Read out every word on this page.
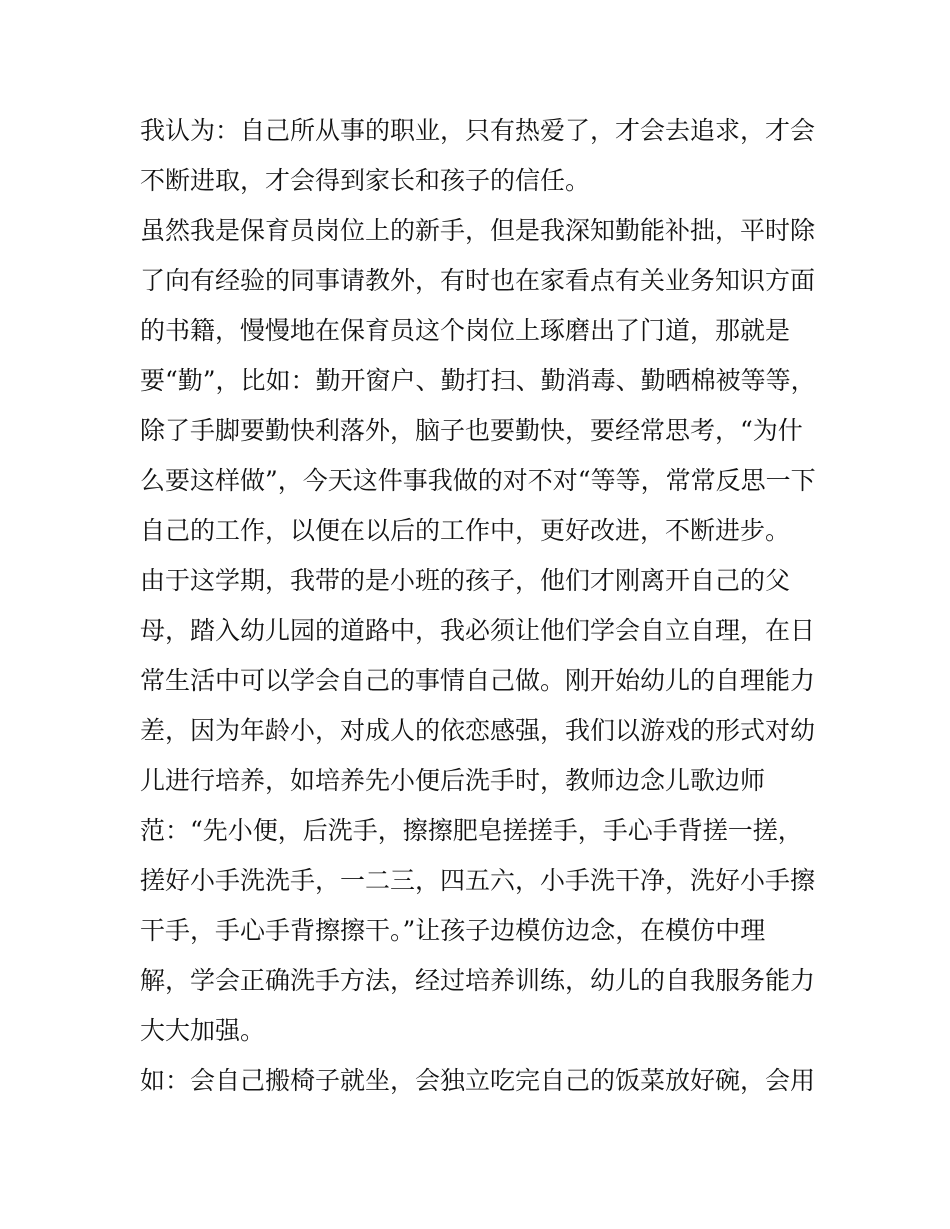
我认为：自己所从事的职业，只有热爱了，才会去追求，才会
不断进取，才会得到家长和孩子的信任。
虽然我是保育员岗位上的新手，但是我深知勤能补拙，平时除
了向有经验的同事请教外，有时也在家看点有关业务知识方面
的书籍，慢慢地在保育员这个岗位上琢磨出了门道，那就是
要“勤”，比如：勤开窗户、勤打扫、勤消毒、勤晒棉被等等，
除了手脚要勤快利落外，脑子也要勤快，要经常思考，“为什
么要这样做”，今天这件事我做的对不对“等等，常常反思一下
自己的工作，以便在以后的工作中，更好改进，不断进步。
由于这学期，我带的是小班的孩子，他们才刚离开自己的父
母，踏入幼儿园的道路中，我必须让他们学会自立自理，在日
常生活中可以学会自己的事情自己做。刚开始幼儿的自理能力
差，因为年龄小，对成人的依恋感强，我们以游戏的形式对幼
儿进行培养，如培养先小便后洗手时，教师边念儿歌边师
范：“先小便，后洗手，擦擦肥皂搓搓手，手心手背搓一搓，
搓好小手洗洗手，一二三，四五六，小手洗干净，洗好小手擦
干手，手心手背擦擦干。”让孩子边模仿边念，在模仿中理
解，学会正确洗手方法，经过培养训练，幼儿的自我服务能力
大大加强。
如：会自己搬椅子就坐，会独立吃完自己的饭菜放好碗，会用
